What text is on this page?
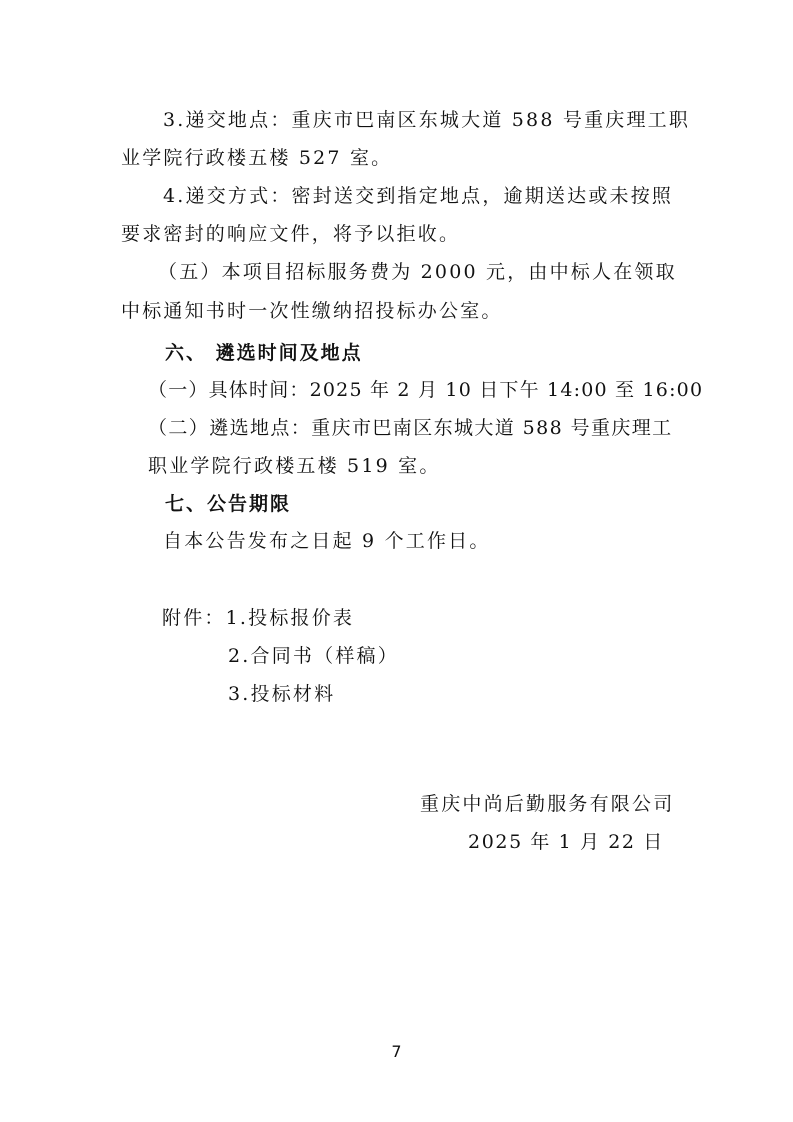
3.递交地点：重庆市巴南区东城大道 588 号重庆理工职
业学院行政楼五楼 527 室。
4.递交方式：密封送交到指定地点，逾期送达或未按照
要求密封的响应文件，将予以拒收。
（五）本项目招标服务费为 2000 元，由中标人在领取
中标通知书时一次性缴纳招投标办公室。
六、 遴选时间及地点
（一）具体时间：2025 年 2 月 10 日下午 14:00 至 16:00
（二）遴选地点：重庆市巴南区东城大道 588 号重庆理工
职业学院行政楼五楼 519 室。
七、公告期限
自本公告发布之日起 9 个工作日。
附件：1.投标报价表
2.合同书（样稿）
3.投标材料
重庆中尚后勤服务有限公司
2025 年 1 月 22 日
7
